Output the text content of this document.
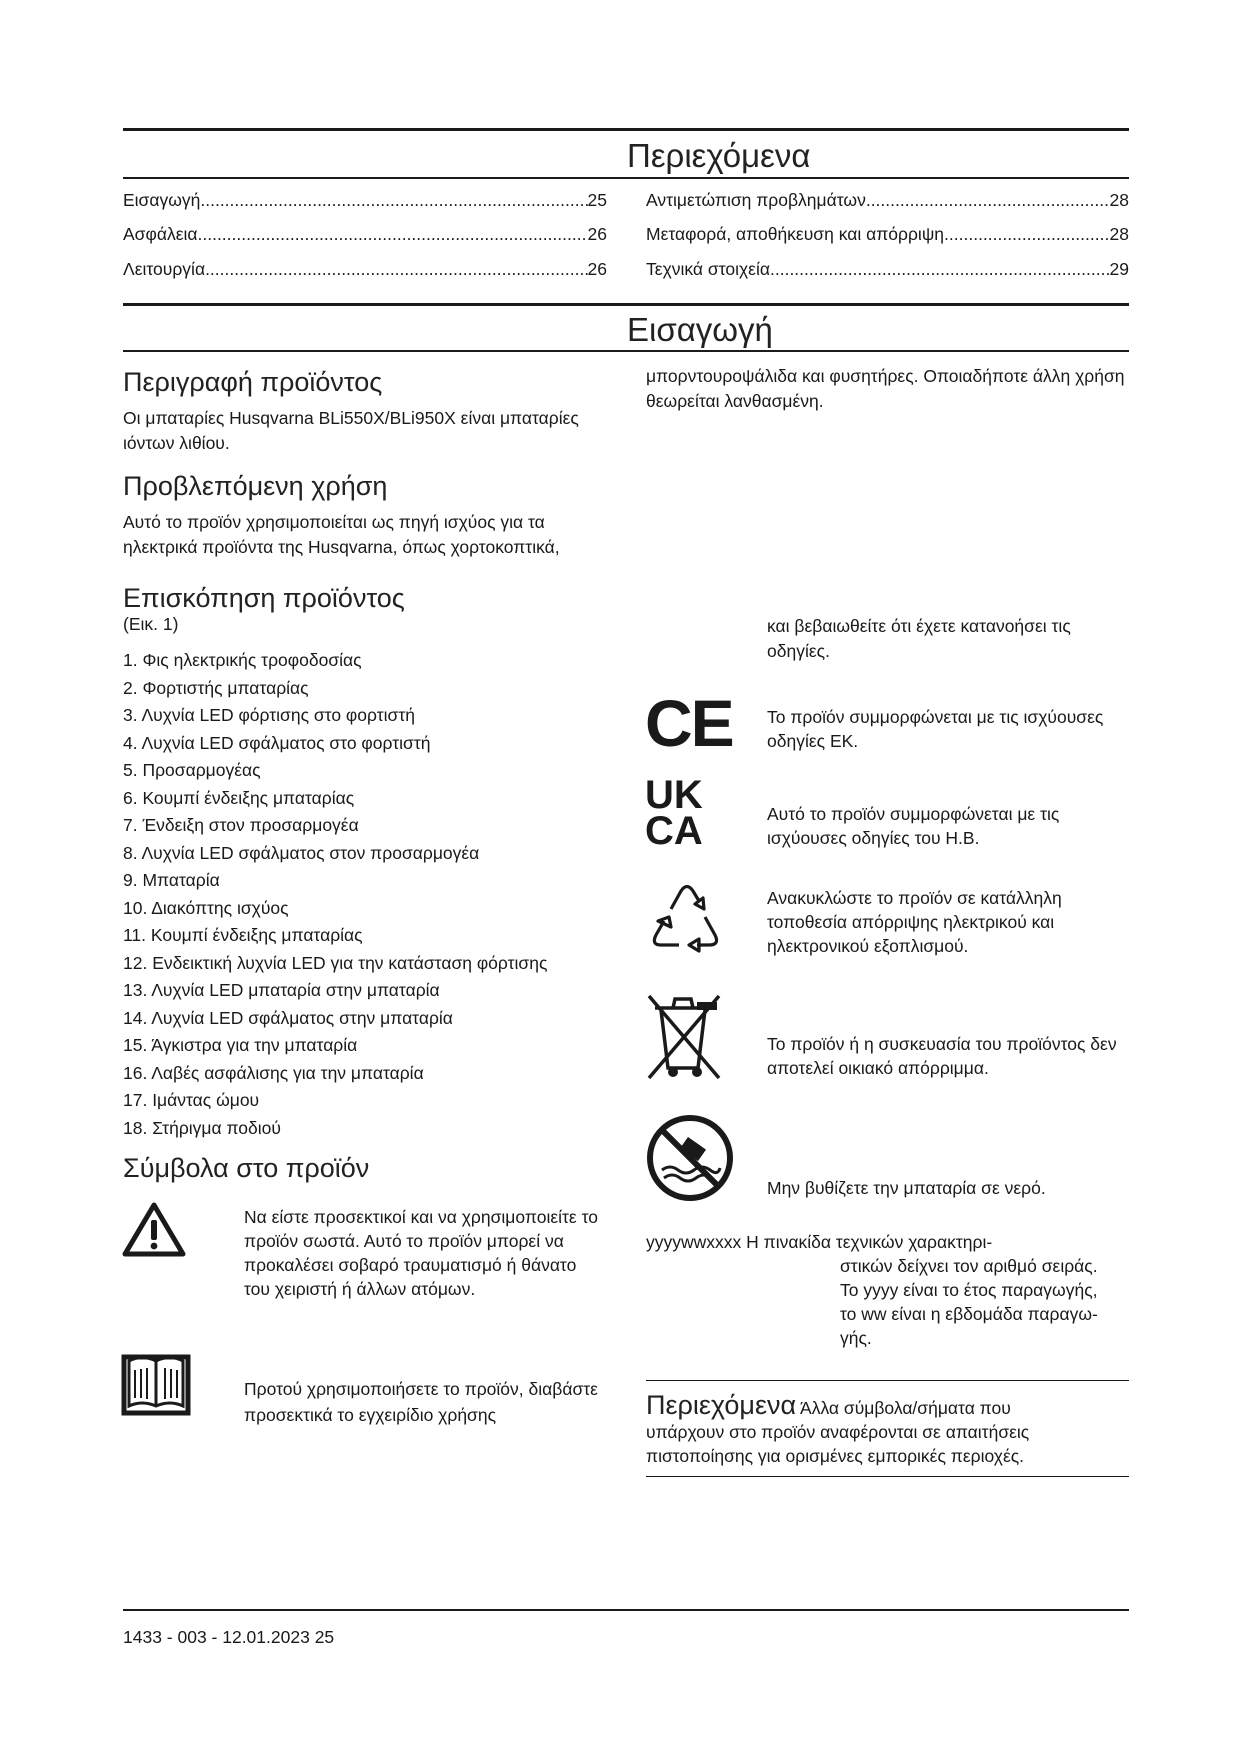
Περιεχόμενα
Εισαγωγή .....	25
Ασφάλεια .....	26
Λειτουργία .....	26
Αντιμετώπιση προβλημάτων .....	28
Μεταφορά, αποθήκευση και απόρριψη .....	28
Τεχνικά στοιχεία .....	29
Εισαγωγή
Περιγραφή προϊόντος

Οι μπαταρίες Husqvarna BLi550X/BLi950X είναι μπαταρίες ιόντων λιθίου.

Προβλεπόμενη χρήση

Αυτό το προϊόν χρησιμοποιείται ως πηγή ισχύος για τα ηλεκτρικά προϊόντα της Husqvarna, όπως χορτοκοπτικά,

Επισκόπηση προϊόντος
(Εικ. 1)
1. Φις ηλεκτρικής τροφοδοσίας
2. Φορτιστής μπαταρίας
3. Λυχνία LED φόρτισης στο φορτιστή
4. Λυχνία LED σφάλματος στο φορτιστή
5. Προσαρμογέας
6. Κουμπί ένδειξης μπαταρίας
7. Ένδειξη στον προσαρμογέα
8. Λυχνία LED σφάλματος στον προσαρμογέα
9. Μπαταρία
10. Διακόπτης ισχύος
11. Κουμπί ένδειξης μπαταρίας
12. Ενδεικτική λυχνία LED για την κατάσταση φόρτισης
13. Λυχνία LED μπαταρία στην μπαταρία
14. Λυχνία LED σφάλματος στην μπαταρία
15. Άγκιστρα για την μπαταρία
16. Λαβές ασφάλισης για την μπαταρία
17. Ιμάντας ώμου
18. Στήριγμα ποδιού
Σύμβολα στο προϊόν
Να είστε προσεκτικοί και να χρησιμοποιείτε το προϊόν σωστά. Αυτό το προϊόν μπορεί να προκαλέσει σοβαρό τραυματισμό ή θάνατο του χειριστή ή άλλων ατόμων.
Προτού χρησιμοποιήσετε το προϊόν, διαβάστε προσεκτικά το εγχειρίδιο χρήσης

μπορντουροψάλιδα και φυσητήρες. Οποιαδήποτε άλλη χρήση θεωρείται λανθασμένη.

και βεβαιωθείτε ότι έχετε κατανοήσει τις οδηγίες.
CE Το προϊόν συμμορφώνεται με τις ισχύουσες οδηγίες ΕΚ.
UK
CA	Αυτό το προϊόν συμμορφώνεται με τις ισχύουσες οδηγίες του Η.Β.
Ανακυκλώστε το προϊόν σε κατάλληλη τοποθεσία απόρριψης ηλεκτρικού και ηλεκτρονικού εξοπλισμού.
Το προϊόν ή η συσκευασία του προϊόντος δεν αποτελεί οικιακό απόρριμμα.
Μην βυθίζετε την μπαταρία σε νερό.
yyyywwxxxx Η πινακίδα τεχνικών χαρακτηρι-
στικών δείχνει τον αριθμό σειράς.
Το yyyy είναι το έτος παραγωγής,
το ww είναι η εβδομάδα παραγω-
γής.
Περιεχόμενα Άλλα σύμβολα/σήματα που
υπάρχουν στο προϊόν αναφέρονται σε απαιτήσεις
πιστοποίησης για ορισμένες εμπορικές περιοχές.
1433 - 003 - 12.01.2023 25
